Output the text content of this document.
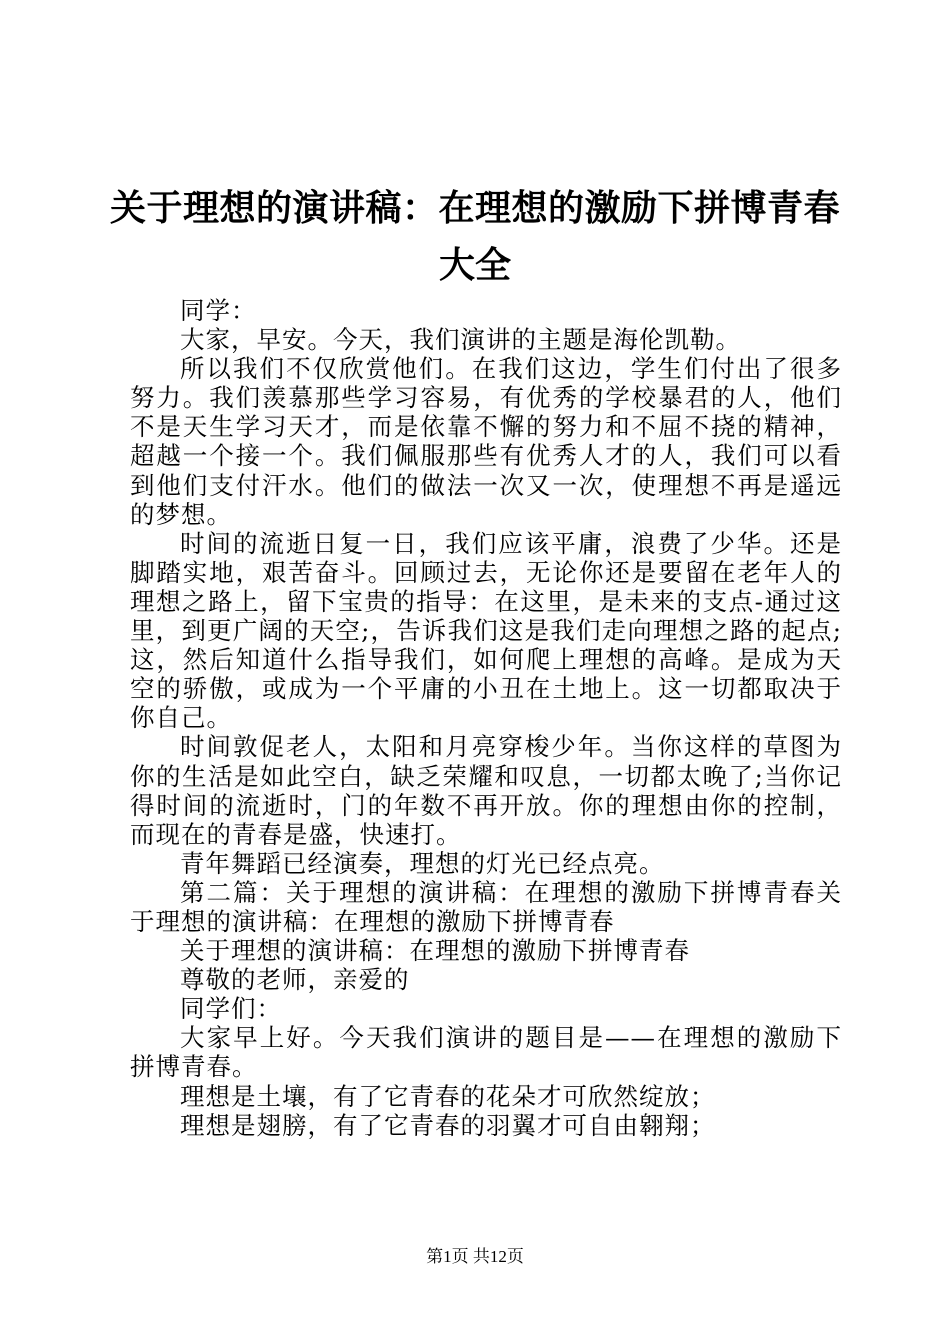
关于理想的演讲稿：在理想的激励下拼博青春
大全

同学：

大家，早安。今天，我们演讲的主题是海伦凯勒。

所以我们不仅欣赏他们。在我们这边，学生们付出了很多努力。我们羡慕那些学习容易，有优秀的学校暴君的人，他们不是天生学习天才，而是依靠不懈的努力和不屈不挠的精神，超越一个接一个。我们佩服那些有优秀人才的人，我们可以看到他们支付汗水。他们的做法一次又一次，使理想不再是遥远的梦想。

时间的流逝日复一日，我们应该平庸，浪费了少华。还是脚踏实地，艰苦奋斗。回顾过去，无论你还是要留在老年人的理想之路上，留下宝贵的指导：在这里，是未来的支点-通过这里，到更广阔的天空;，告诉我们这是我们走向理想之路的起点;这，然后知道什么指导我们，如何爬上理想的高峰。是成为天空的骄傲，或成为一个平庸的小丑在土地上。这一切都取决于你自己。

时间敦促老人，太阳和月亮穿梭少年。当你这样的草图为你的生活是如此空白，缺乏荣耀和叹息，一切都太晚了;当你记得时间的流逝时，门的年数不再开放。你的理想由你的控制，而现在的青春是盛，快速打。

青年舞蹈已经演奏，理想的灯光已经点亮。

第二篇：关于理想的演讲稿：在理想的激励下拼博青春关于理想的演讲稿：在理想的激励下拼博青春

关于理想的演讲稿：在理想的激励下拼博青春

尊敬的老师，亲爱的

同学们：

大家早上好。今天我们演讲的题目是——在理想的激励下拼博青春。

理想是土壤，有了它青春的花朵才可欣然绽放；

理想是翅膀，有了它青春的羽翼才可自由翱翔；

第1页 共12页
